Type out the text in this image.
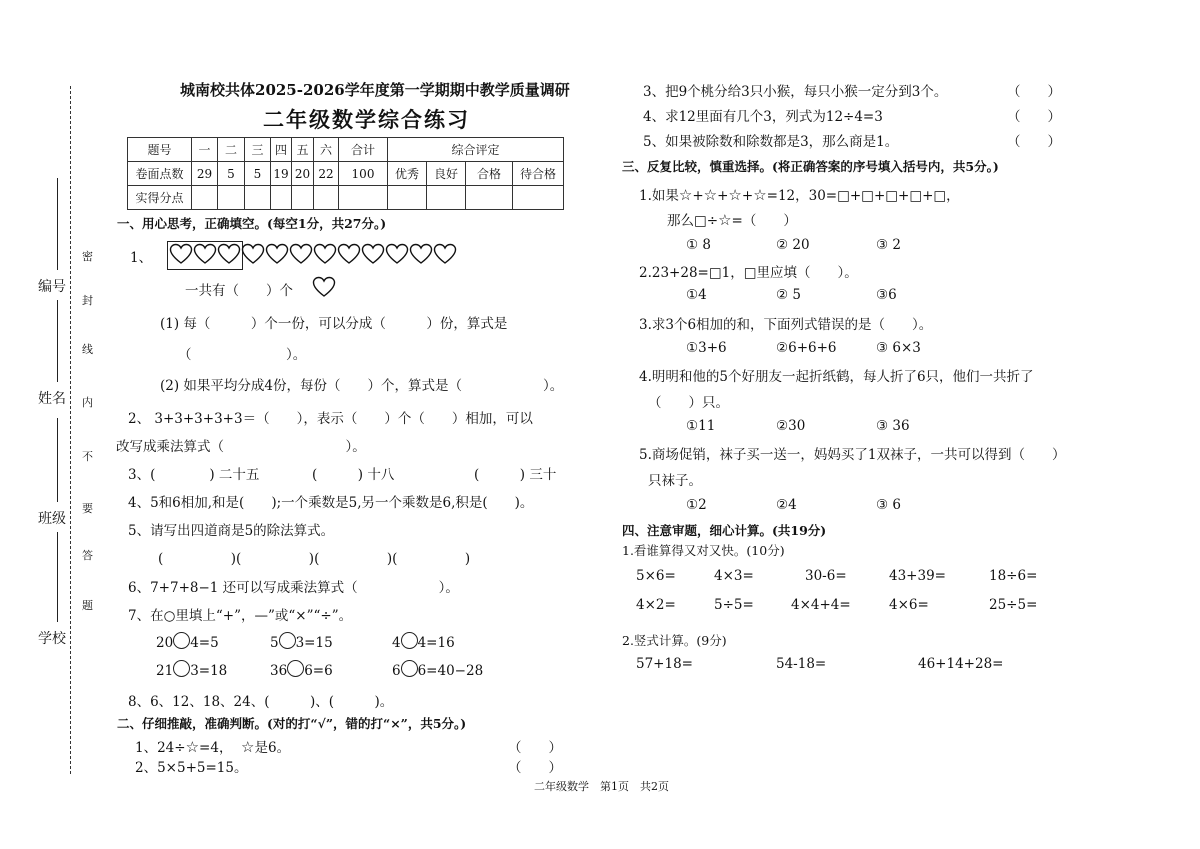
编号
姓名
班级
学校
密
封
线
内
不
要
答
题
城南校共体2025-2026学年度第一学期期中教学质量调研
二年级数学综合练习
题号	一	二	三	四	五	六	合计	综合评定			
卷面点数	29	5	5	19	20	22	100	优秀	良好	合格	待合格
实得分点											
一、用心思考，正确填空。(每空1分，共27分。)
1、
一共有（　　）个
(1) 每（　　　）个一份，可以分成（　　　）份，算式是
（　　　　　　　）。
(2) 如果平均分成4份，每份（　　）个，算式是（　　　　　　）。
2、 3+3+3+3+3＝（　　），表示（　　）个（　　）相加，可以
改写成乘法算式（　　　　　　　　　）。
3、(　　　　) 二十五	(　　　) 十八	(　　　) 三十
4、5和6相加,和是(　　);一个乘数是5,另一个乘数是6,积是(　　)。
5、请写出四道商是5的除法算式。
(　　　　　)(　　　　　)(　　　　　)(　　　　　)
6、7+7+8−1 还可以写成乘法算式（　　　　　　）。
7、在○里填上“+”，—”或“×”“÷”。
20 4=5	5 3=15	4 4=16
21 3=18	36 6=6	6 6=40−28
8、6、12、18、24、(　　　)、(　　　)。
二、仔细推敲，准确判断。(对的打“√”，错的打“×”，共5分。)
1、24÷☆=4， ☆是6。	（　　）
2、5×5+5=15。	（　　）
3、把9个桃分给3只小猴，每只小猴一定分到3个。	（　　）
4、求12里面有几个3，列式为12÷4=3	（　　）
5、如果被除数和除数都是3，那么商是1。	（　　）
三、反复比较，慎重选择。(将正确答案的序号填入括号内，共5分。)
1.如果☆+☆+☆+☆=12，30=□+□+□+□+□，
那么□÷☆=（　　）
① 8	② 20	③ 2
2.23+28=□1，□里应填（　　）。
①4	② 5	③6
3.求3个6相加的和，下面列式错误的是（　　）。
①3+6	②6+6+6	③ 6×3
4.明明和他的5个好朋友一起折纸鹤，每人折了6只，他们一共折了
（　　）只。
①11	②30	③ 36
5.商场促销，袜子买一送一，妈妈买了1双袜子，一共可以得到（　　）
只袜子。
①2	②4	③ 6
四、注意审题，细心计算。(共19分)
1.看谁算得又对又快。(10分)
5×6=	4×3=	30-6=	43+39=	18÷6=
4×2=	5÷5=	4×4+4=	4×6=	25÷5=
2.竖式计算。(9分)
57+18=	54-18=	46+14+28=
二年级数学　第1页　共2页
